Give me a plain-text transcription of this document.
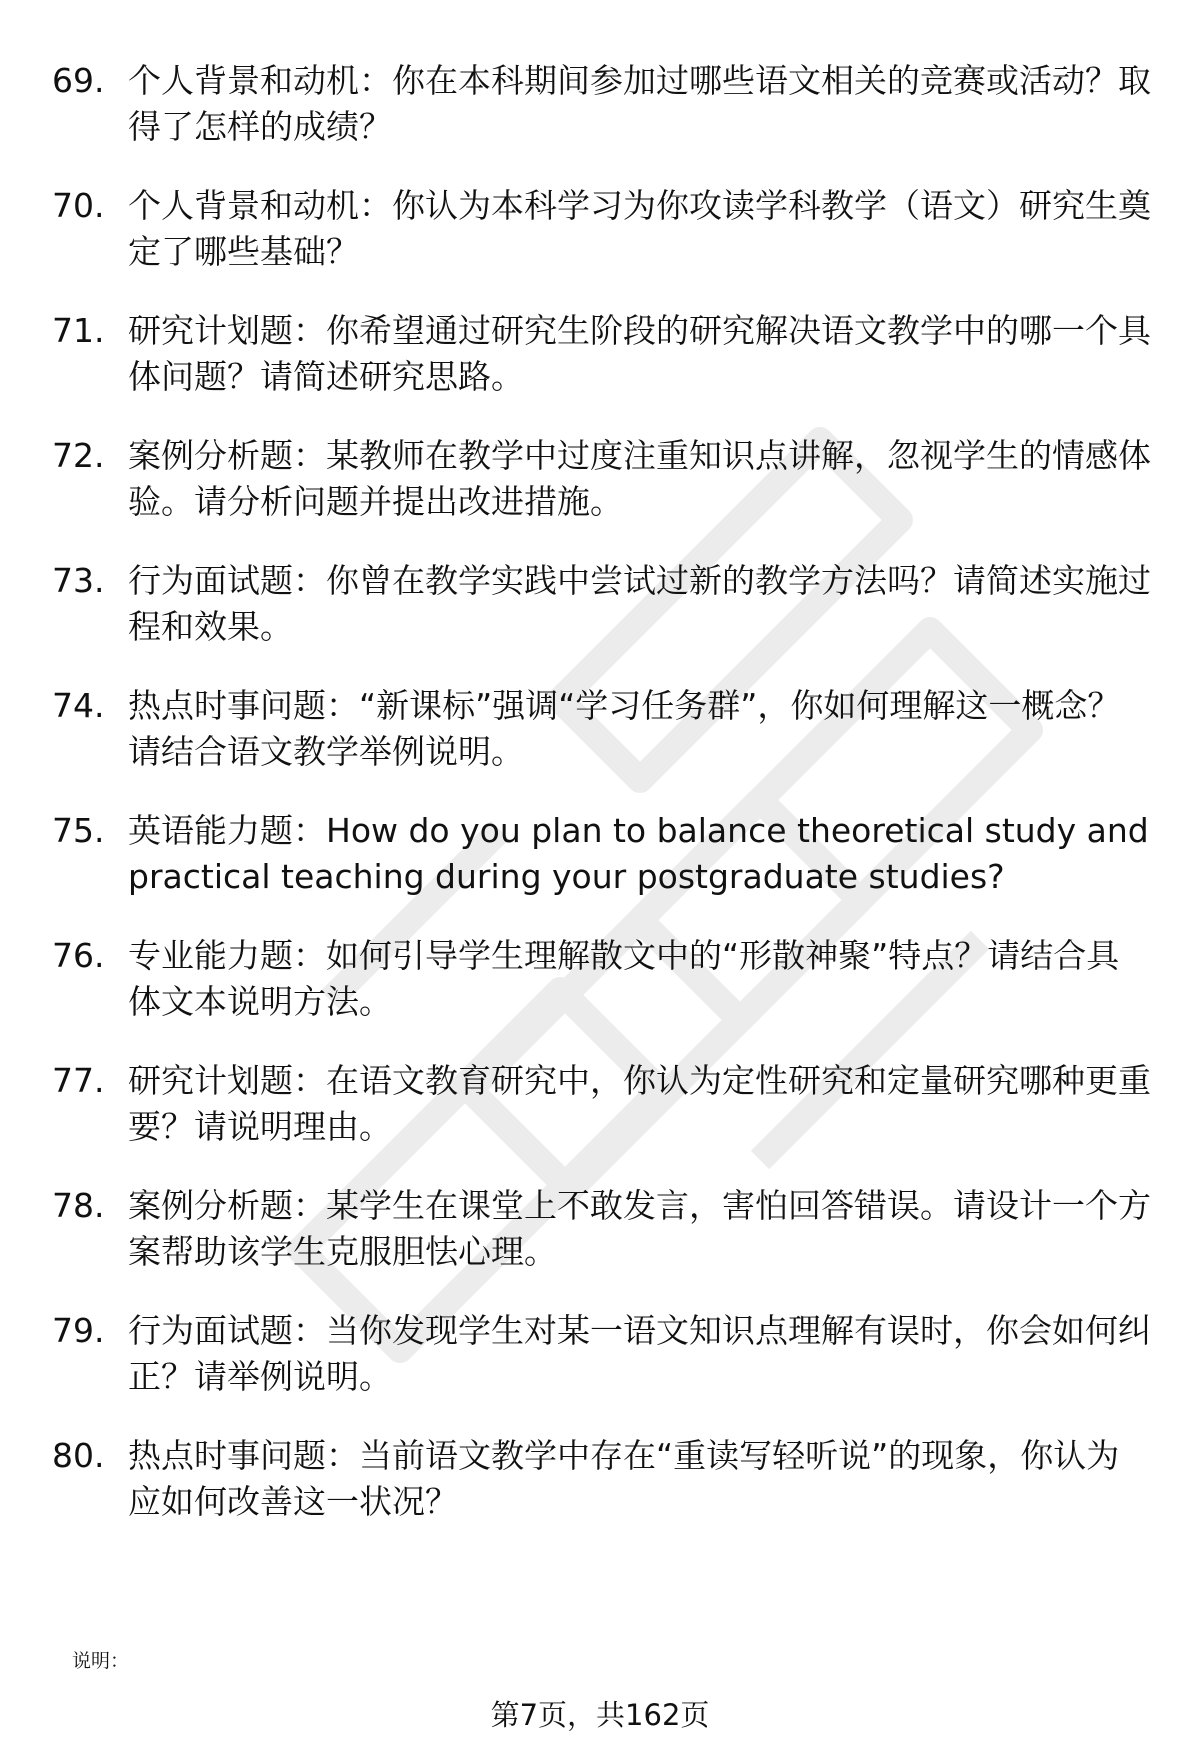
69. 个人背景和动机：你在本科期间参加过哪些语文相关的竞赛或活动？取得了怎样的成绩？
70. 个人背景和动机：你认为本科学习为你攻读学科教学（语文）研究生奠定了哪些基础？
71. 研究计划题：你希望通过研究生阶段的研究解决语文教学中的哪一个具体问题？请简述研究思路。
72. 案例分析题：某教师在教学中过度注重知识点讲解，忽视学生的情感体验。请分析问题并提出改进措施。
73. 行为面试题：你曾在教学实践中尝试过新的教学方法吗？请简述实施过程和效果。
74. 热点时事问题：“新课标”强调“学习任务群”，你如何理解这一概念？请结合语文教学举例说明。
75. 英语能力题：How do you plan to balance theoretical study and practical teaching during your postgraduate studies?
76. 专业能力题：如何引导学生理解散文中的“形散神聚”特点？请结合具体文本说明方法。
77. 研究计划题：在语文教育研究中，你认为定性研究和定量研究哪种更重要？请说明理由。
78. 案例分析题：某学生在课堂上不敢发言，害怕回答错误。请设计一个方案帮助该学生克服胆怯心理。
79. 行为面试题：当你发现学生对某一语文知识点理解有误时，你会如何纠正？请举例说明。
80. 热点时事问题：当前语文教学中存在“重读写轻听说”的现象，你认为应如何改善这一状况？
说明：
第7页，共162页
